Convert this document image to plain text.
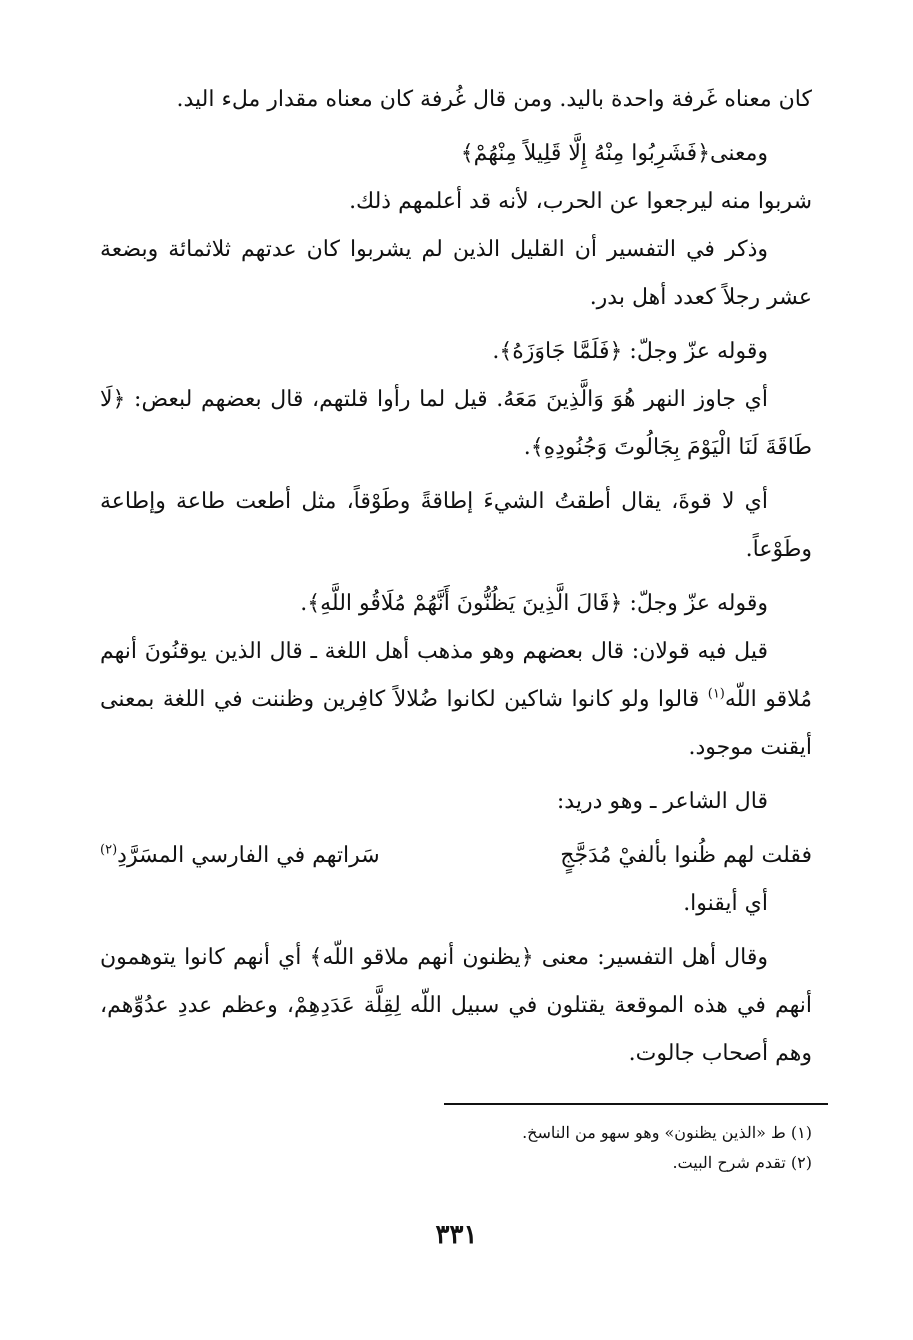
كان معناه غَرفة واحدة باليد. ومن قال غُرفة كان معناه مقدار ملء اليد.

ومعنى﴿فَشَرِبُوا مِنْهُ إِلَّا قَلِيلاً مِنْهُمْ﴾

شربوا منه ليرجعوا عن الحرب، لأنه قد أعلمهم ذلك.

وذكر في التفسير أن القليل الذين لم يشربوا كان عدتهم ثلاثمائة وبضعة عشر رجلاً كعدد أهل بدر.

وقوله عزّ وجلّ: ﴿فَلَمَّا جَاوَزَهُ﴾.

أي جاوز النهر هُوَ وَالَّذِينَ مَعَهُ. قيل لما رأوا قلتهم، قال بعضهم لبعض: ﴿لَا طَاقَةَ لَنَا الْيَوْمَ بِجَالُوتَ وَجُنُودِهِ﴾.

أي لا قوةَ، يقال أطقتُ الشيءَ إطاقةً وطَوْقاً، مثل أطعت طاعة وإطاعة وطَوْعاً.

وقوله عزّ وجلّ: ﴿قَالَ الَّذِينَ يَظُنُّونَ أَنَّهُمْ مُلَاقُو اللَّهِ﴾.

قيل فيه قولان: قال بعضهم وهو مذهب أهل اللغة ـ قال الذين يوقنُونَ أنهم مُلاقو اللّه$^{(١)}$ قالوا ولو كانوا شاكين لكانوا ضُلالاً كافِرين وظننت في اللغة بمعنى أيقنت موجود.

قال الشاعر ـ وهو دريد:

فقلت لهم ظُنوا بألفيْ مُدَجَّجٍ
سَراتهم في الفارسي المسَرَّدِ$^{(٢)}$

أي أيقنوا.

وقال أهل التفسير: معنى ﴿يظنون أنهم ملاقو اللّه﴾ أي أنهم كانوا يتوهمون أنهم في هذه الموقعة يقتلون في سبيل اللّه لِقِلَّة عَدَدِهِمْ، وعظم عددِ عدُوِّهم، وهم أصحاب جالوت.

(١) ط «الذين يظنون» وهو سهو من الناسخ.

(٢) تقدم شرح البيت.

٣٣١
